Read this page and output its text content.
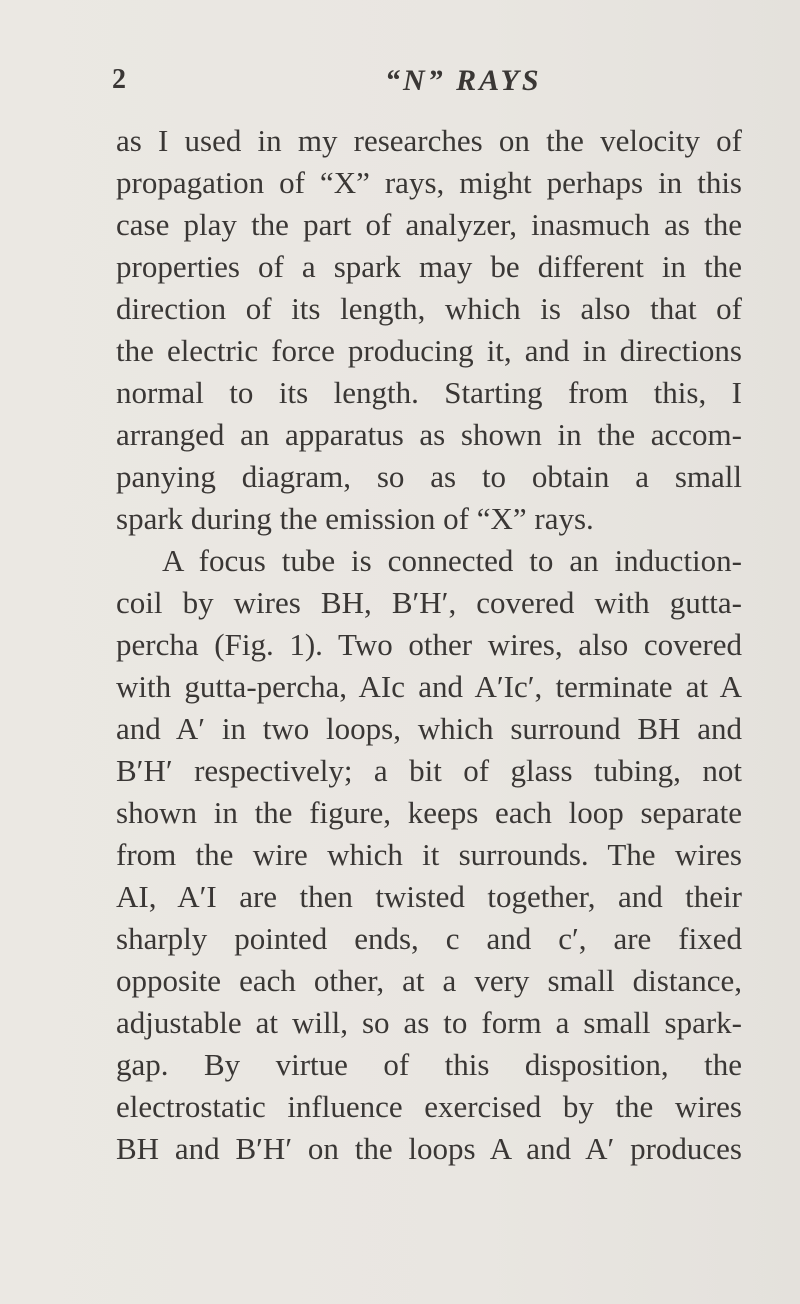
2	“N” RAYS
as I used in my researches on the velocity of
propagation of “X” rays, might perhaps in this
case play the part of analyzer, inasmuch as the
properties of a spark may be different in the
direction of its length, which is also that of
the electric force producing it, and in directions
normal to its length. Starting from this, I
arranged an apparatus as shown in the accom-
panying diagram, so as to obtain a small
spark during the emission of “X” rays.
A focus tube is connected to an induction-
coil by wires BH, B′H′, covered with gutta-
percha (Fig. 1). Two other wires, also covered
with gutta-percha, AIc and A′Ic′, terminate at A
and A′ in two loops, which surround BH and
B′H′ respectively; a bit of glass tubing, not
shown in the figure, keeps each loop separate
from the wire which it surrounds. The wires
AI, A′I are then twisted together, and their
sharply pointed ends, c and c′, are fixed
opposite each other, at a very small distance,
adjustable at will, so as to form a small spark-
gap. By virtue of this disposition, the
electrostatic influence exercised by the wires
BH and B′H′ on the loops A and A′ produces
